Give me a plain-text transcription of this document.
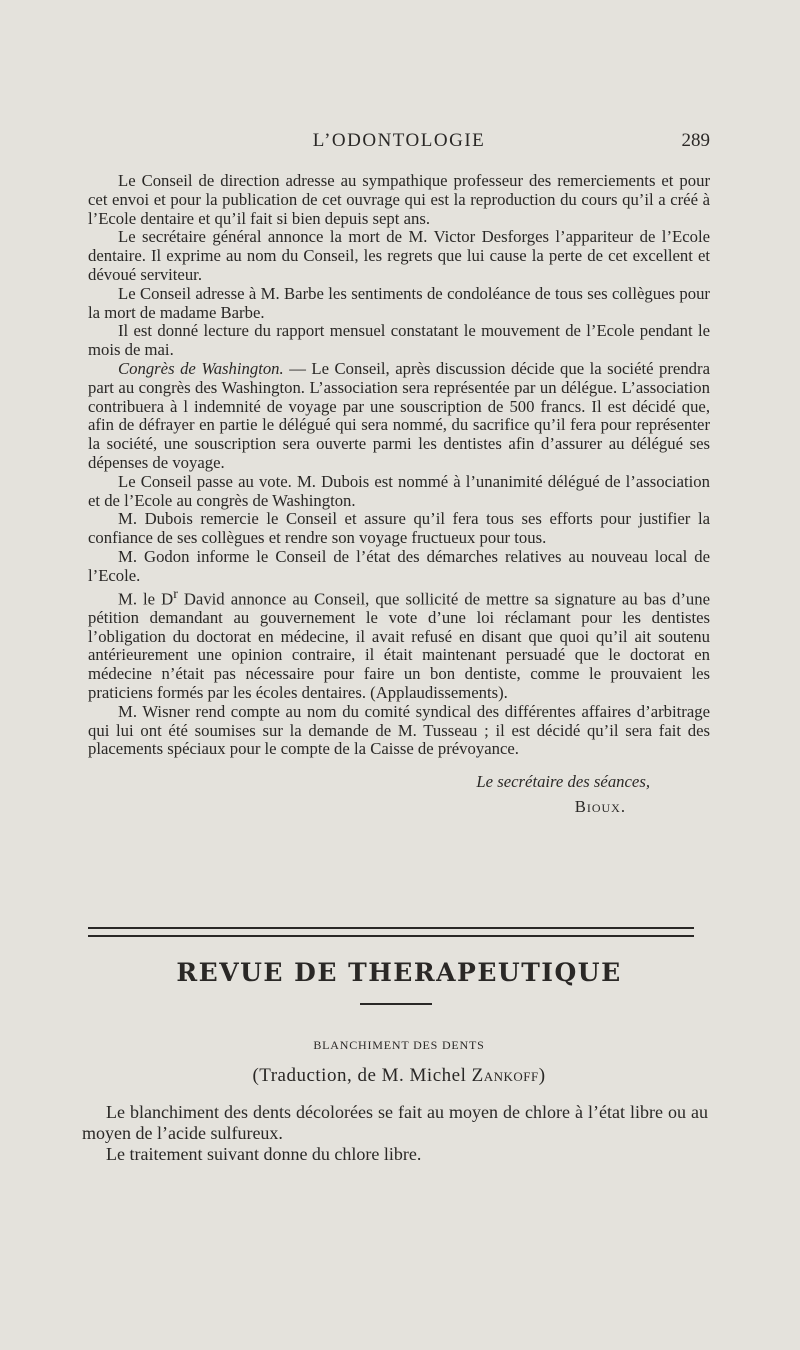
L’ODONTOLOGIE	289

Le Conseil de direction adresse au sympathique professeur des remerciements et pour cet envoi et pour la publication de cet ouvrage qui est la reproduction du cours qu’il a créé à l’Ecole dentaire et qu’il fait si bien depuis sept ans.

Le secrétaire général annonce la mort de M. Victor Desforges l’appariteur de l’Ecole dentaire. Il exprime au nom du Conseil, les regrets que lui cause la perte de cet excellent et dévoué serviteur.

Le Conseil adresse à M. Barbe les sentiments de condoléance de tous ses collègues pour la mort de madame Barbe.

Il est donné lecture du rapport mensuel constatant le mouvement de l’Ecole pendant le mois de mai.

Congrès de Washington. — Le Conseil, après discussion décide que la société prendra part au congrès des Washington. L’association sera représentée par un délégue. L’association contribuera à l indemnité de voyage par une souscription de 500 francs. Il est décidé que, afin de défrayer en partie le délégué qui sera nommé, du sacrifice qu’il fera pour représenter la société, une souscription sera ouverte parmi les dentistes afin d’assurer au délégué ses dépenses de voyage.

Le Conseil passe au vote. M. Dubois est nommé à l’unanimité délégué de l’association et de l’Ecole au congrès de Washington.

M. Dubois remercie le Conseil et assure qu’il fera tous ses efforts pour justifier la confiance de ses collègues et rendre son voyage fructueux pour tous.

M. Godon informe le Conseil de l’état des démarches relatives au nouveau local de l’Ecole.

M. le $D^r$ David annonce au Conseil, que sollicité de mettre sa signature au bas d’une pétition demandant au gouvernement le vote d’une loi réclamant pour les dentistes l’obligation du doctorat en médecine, il avait refusé en disant que quoi qu’il ait soutenu antérieurement une opinion contraire, il était maintenant persuadé que le doctorat en médecine n’était pas nécessaire pour faire un bon dentiste, comme le prouvaient les praticiens formés par les écoles dentaires. (Applaudissements).

M. Wisner rend compte au nom du comité syndical des différentes affaires d’arbitrage qui lui ont été soumises sur la demande de M. Tusseau ; il est décidé qu’il sera fait des placements spéciaux pour le compte de la Caisse de prévoyance.

Le secrétaire des séances,
Bioux.
REVUE DE THERAPEUTIQUE
BLANCHIMENT DES DENTS
(Traduction, de M. Michel Zankoff)

Le blanchiment des dents décolorées se fait au moyen de chlore à l’état libre ou au moyen de l’acide sulfureux.

Le traitement suivant donne du chlore libre.
